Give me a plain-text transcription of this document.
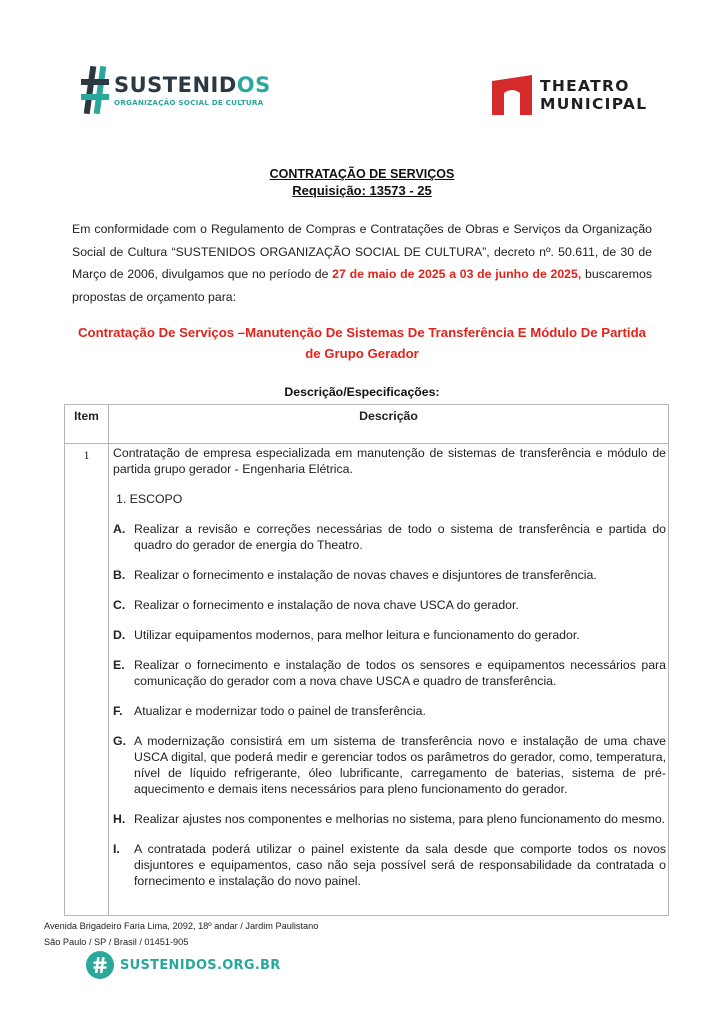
SUSTENIDOS
ORGANIZAÇÃO SOCIAL DE CULTURA
THEATRO
MUNICIPAL
CONTRATAÇÃO DE SERVIÇOS
Requisição: 13573 - 25
Em conformidade com o Regulamento de Compras e Contratações de Obras e Serviços da Organização Social de Cultura “SUSTENIDOS ORGANIZAÇÃO SOCIAL DE CULTURA”, decreto nº. 50.611, de 30 de Março de 2006, divulgamos que no período de 27 de maio de 2025 a 03 de junho de 2025, buscaremos propostas de orçamento para:
Contratação De Serviços –Manutenção De Sistemas De Transferência E Módulo De Partida de Grupo Gerador
Descrição/Especificações:
Item	Descrição
1	Contratação de empresa especializada em manutenção de sistemas de transferência e módulo de partida grupo gerador - Engenharia Elétrica.

1. ESCOPO

A. Realizar a revisão e correções necessárias de todo o sistema de transferência e partida do quadro do gerador de energia do Theatro.
B. Realizar o fornecimento e instalação de novas chaves e disjuntores de transferência.
C. Realizar o fornecimento e instalação de nova chave USCA do gerador.
D. Utilizar equipamentos modernos, para melhor leitura e funcionamento do gerador.
E. Realizar o fornecimento e instalação de todos os sensores e equipamentos necessários para comunicação do gerador com a nova chave USCA e quadro de transferência.
F. Atualizar e modernizar todo o painel de transferência.
G. A modernização consistirá em um sistema de transferência novo e instalação de uma chave USCA digital, que poderá medir e gerenciar todos os parâmetros do gerador, como, temperatura, nível de líquido refrigerante, óleo lubrificante, carregamento de baterias, sistema de pré-aquecimento e demais itens necessários para pleno funcionamento do gerador.
H. Realizar ajustes nos componentes e melhorias no sistema, para pleno funcionamento do mesmo.
I.	A contratada poderá utilizar o painel existente da sala desde que comporte todos os novos disjuntores e equipamentos, caso não seja possível será de responsabilidade da contratada o fornecimento e instalação do novo painel.
Avenida Brigadeiro Faria Lima, 2092, 18º andar / Jardim Paulistano
São Paulo / SP / Brasil / 01451-905
SUSTENIDOS.ORG.BR
